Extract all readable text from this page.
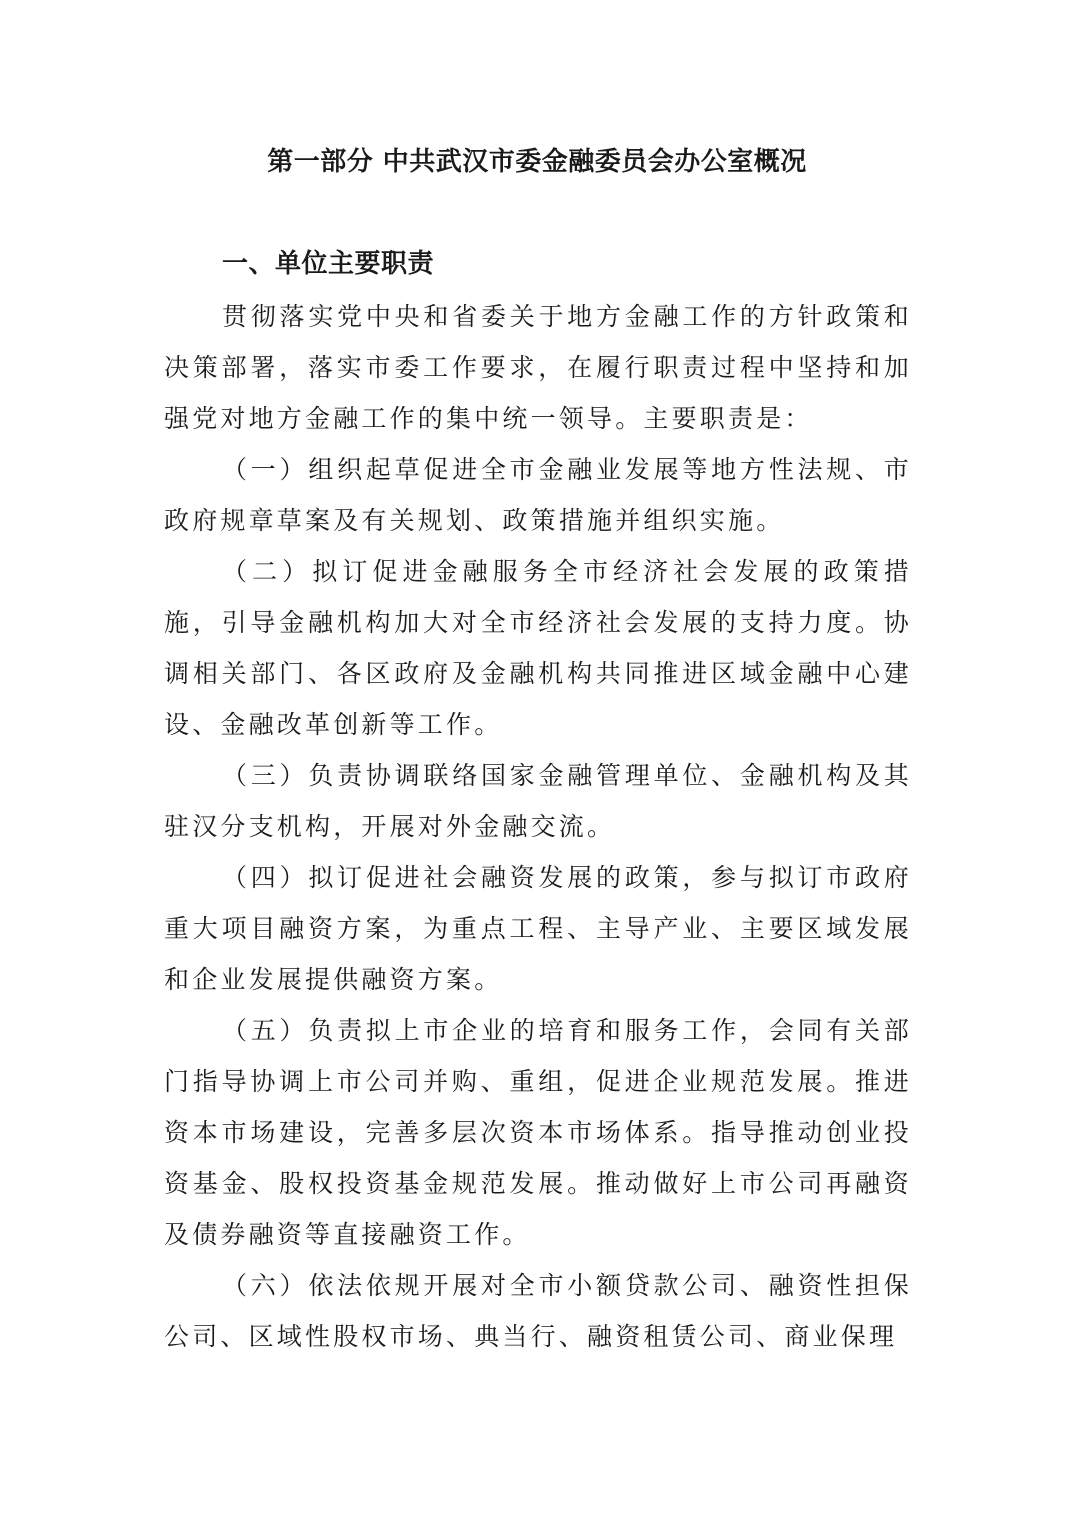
第一部分 中共武汉市委金融委员会办公室概况
一、单位主要职责

贯彻落实党中央和省委关于地方金融工作的方针政策和决策部署，落实市委工作要求，在履行职责过程中坚持和加强党对地方金融工作的集中统一领导。主要职责是：

（一）组织起草促进全市金融业发展等地方性法规、市政府规章草案及有关规划、政策措施并组织实施。

（二）拟订促进金融服务全市经济社会发展的政策措施，引导金融机构加大对全市经济社会发展的支持力度。协调相关部门、各区政府及金融机构共同推进区域金融中心建设、金融改革创新等工作。

（三）负责协调联络国家金融管理单位、金融机构及其驻汉分支机构，开展对外金融交流。

（四）拟订促进社会融资发展的政策，参与拟订市政府重大项目融资方案，为重点工程、主导产业、主要区域发展和企业发展提供融资方案。

（五）负责拟上市企业的培育和服务工作，会同有关部门指导协调上市公司并购、重组，促进企业规范发展。推进资本市场建设，完善多层次资本市场体系。指导推动创业投资基金、股权投资基金规范发展。推动做好上市公司再融资及债券融资等直接融资工作。

（六）依法依规开展对全市小额贷款公司、融资性担保公司、区域性股权市场、典当行、融资租赁公司、商业保理
